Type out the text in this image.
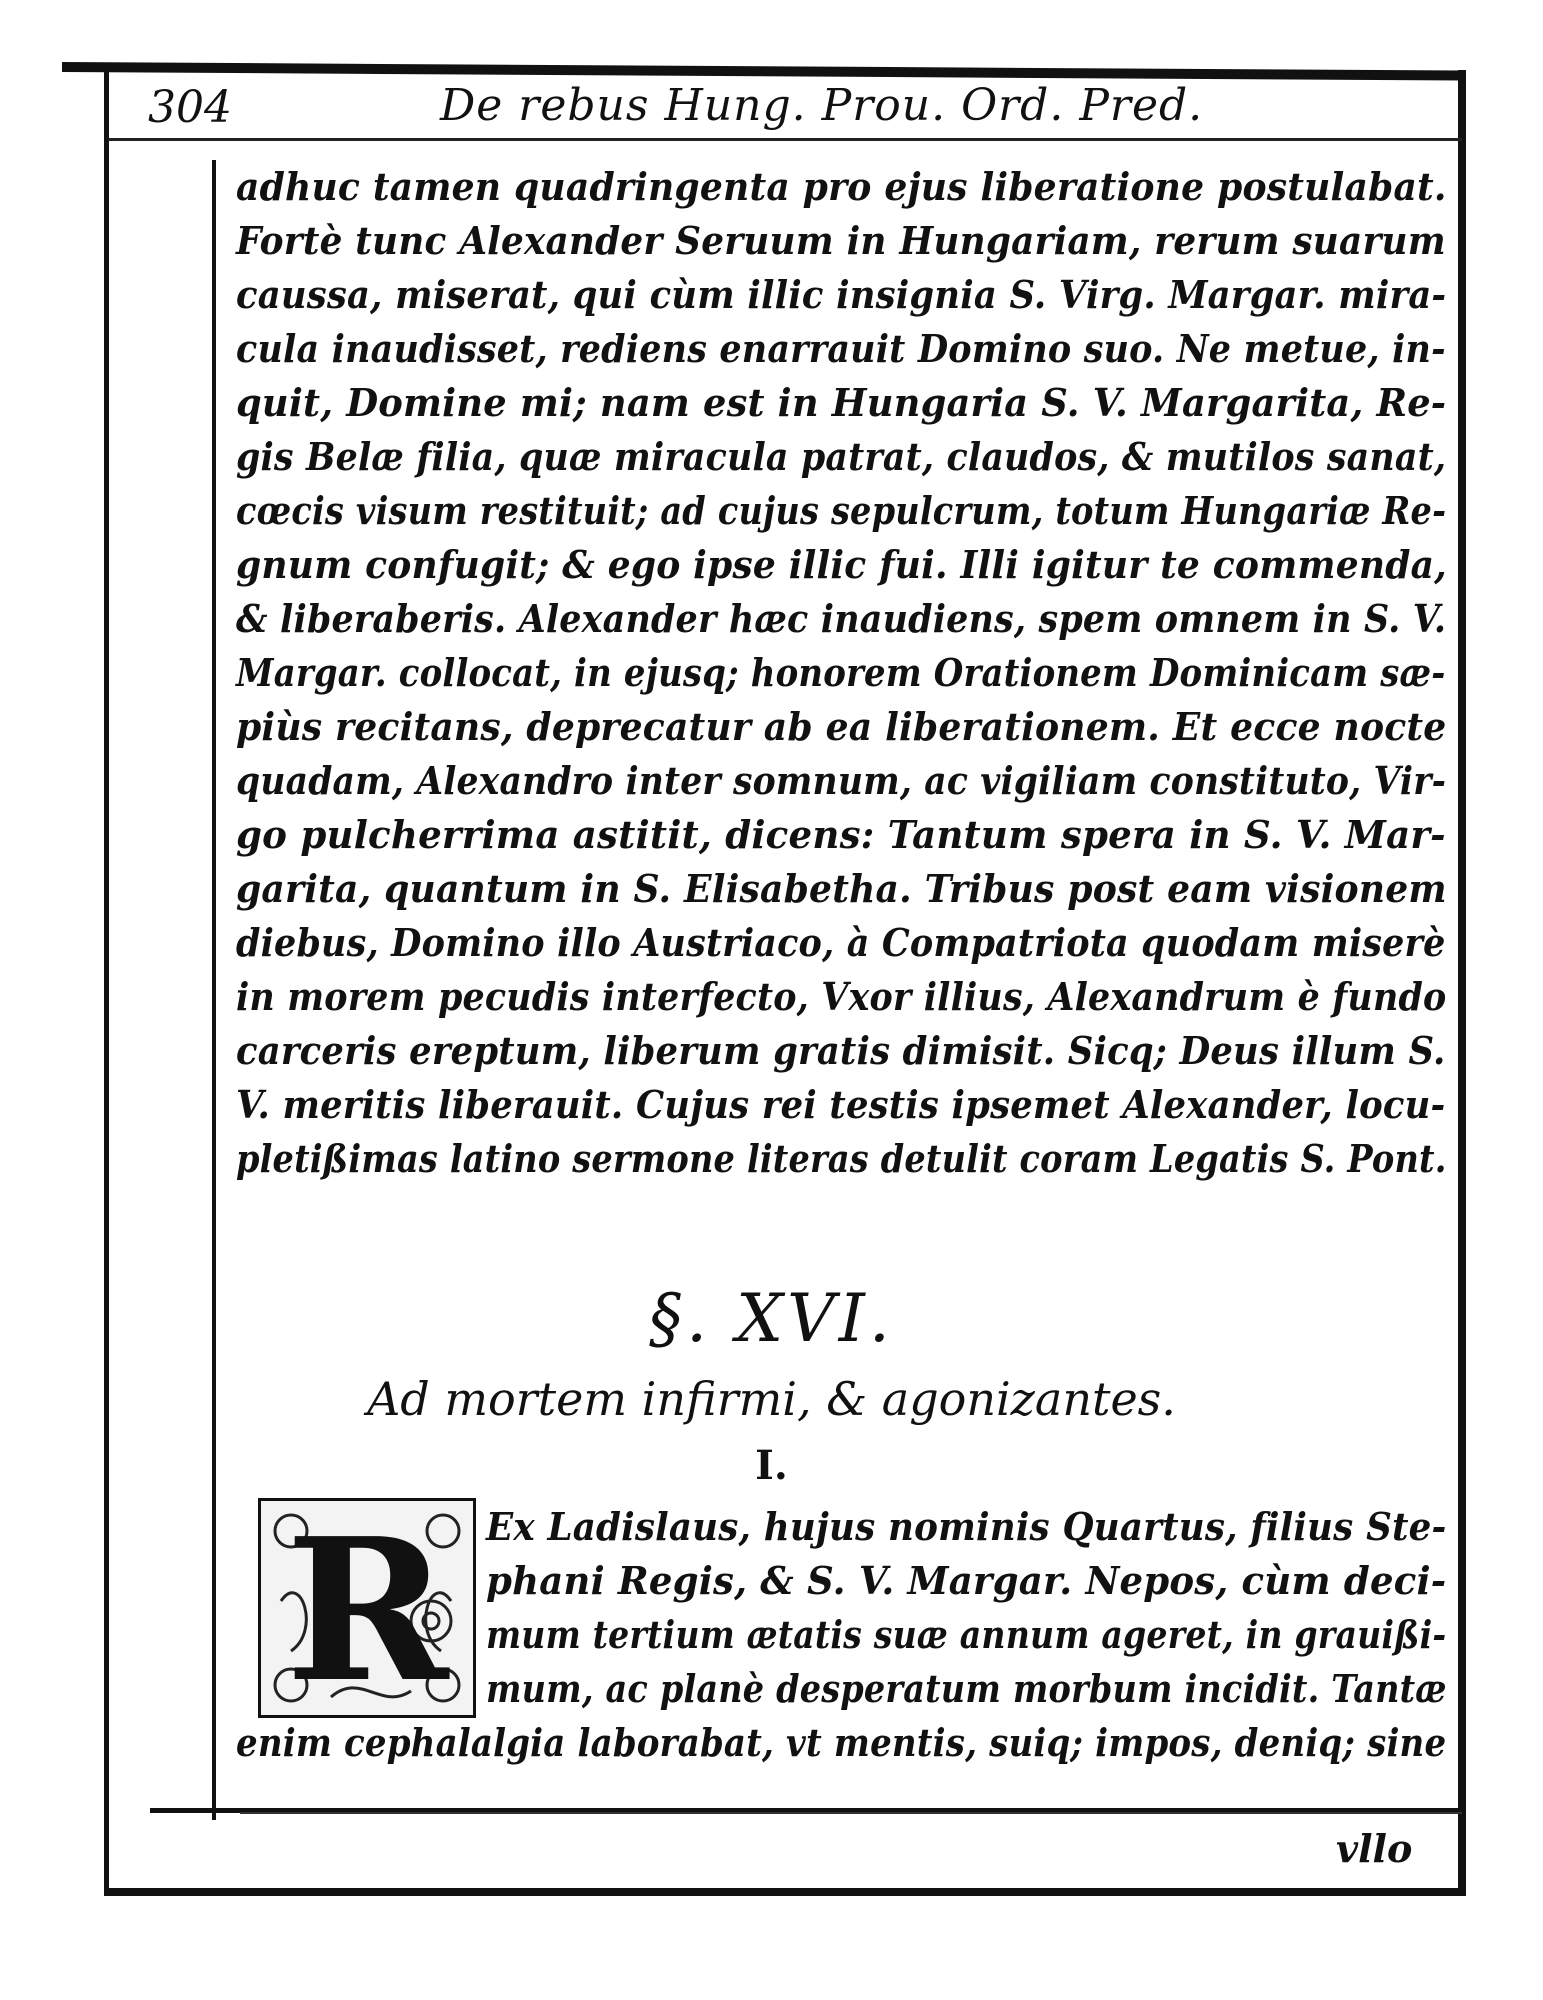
304	De rebus Hung. Prou. Ord. Pred.
adhuc tamen quadringenta pro ejus liberatione postulabat.
Fortè tunc Alexander Seruum in Hungariam, rerum suarum
caussa, miserat, qui cùm illic insignia S. Virg. Margar. mira-
cula inaudisset, rediens enarrauit Domino suo. Ne metue, in-
quit, Domine mi; nam est in Hungaria S. V. Margarita, Re-
gis Belæ filia, quæ miracula patrat, claudos, & mutilos sanat,
cœcis visum restituit; ad cujus sepulcrum, totum Hungariæ Re-
gnum confugit; & ego ipse illic fui. Illi igitur te commenda,
& liberaberis. Alexander hæc inaudiens, spem omnem in S. V.
Margar. collocat, in ejusq; honorem Orationem Dominicam sæ-
piùs recitans, deprecatur ab ea liberationem. Et ecce nocte
quadam, Alexandro inter somnum, ac vigiliam constituto, Vir-
go pulcherrima astitit, dicens: Tantum spera in S. V. Mar-
garita, quantum in S. Elisabetha. Tribus post eam visionem
diebus, Domino illo Austriaco, à Compatriota quodam miserè
in morem pecudis interfecto, Vxor illius, Alexandrum è fundo
carceris ereptum, liberum gratis dimisit. Sicq; Deus illum S.
V. meritis liberauit. Cujus rei testis ipsemet Alexander, locu-
pletißimas latino sermone literas detulit coram Legatis S. Pont.
§. XVI.
Ad mortem infirmi, & agonizantes.
I.
R Ex Ladislaus, hujus nominis Quartus, filius Ste-
phani Regis, & S. V. Margar. Nepos, cùm deci-
mum tertium ætatis suæ annum ageret, in grauißi-
mum, ac planè desperatum morbum incidit. Tantæ
enim cephalalgia laborabat, vt mentis, suiq; impos, deniq; sine
vllo
